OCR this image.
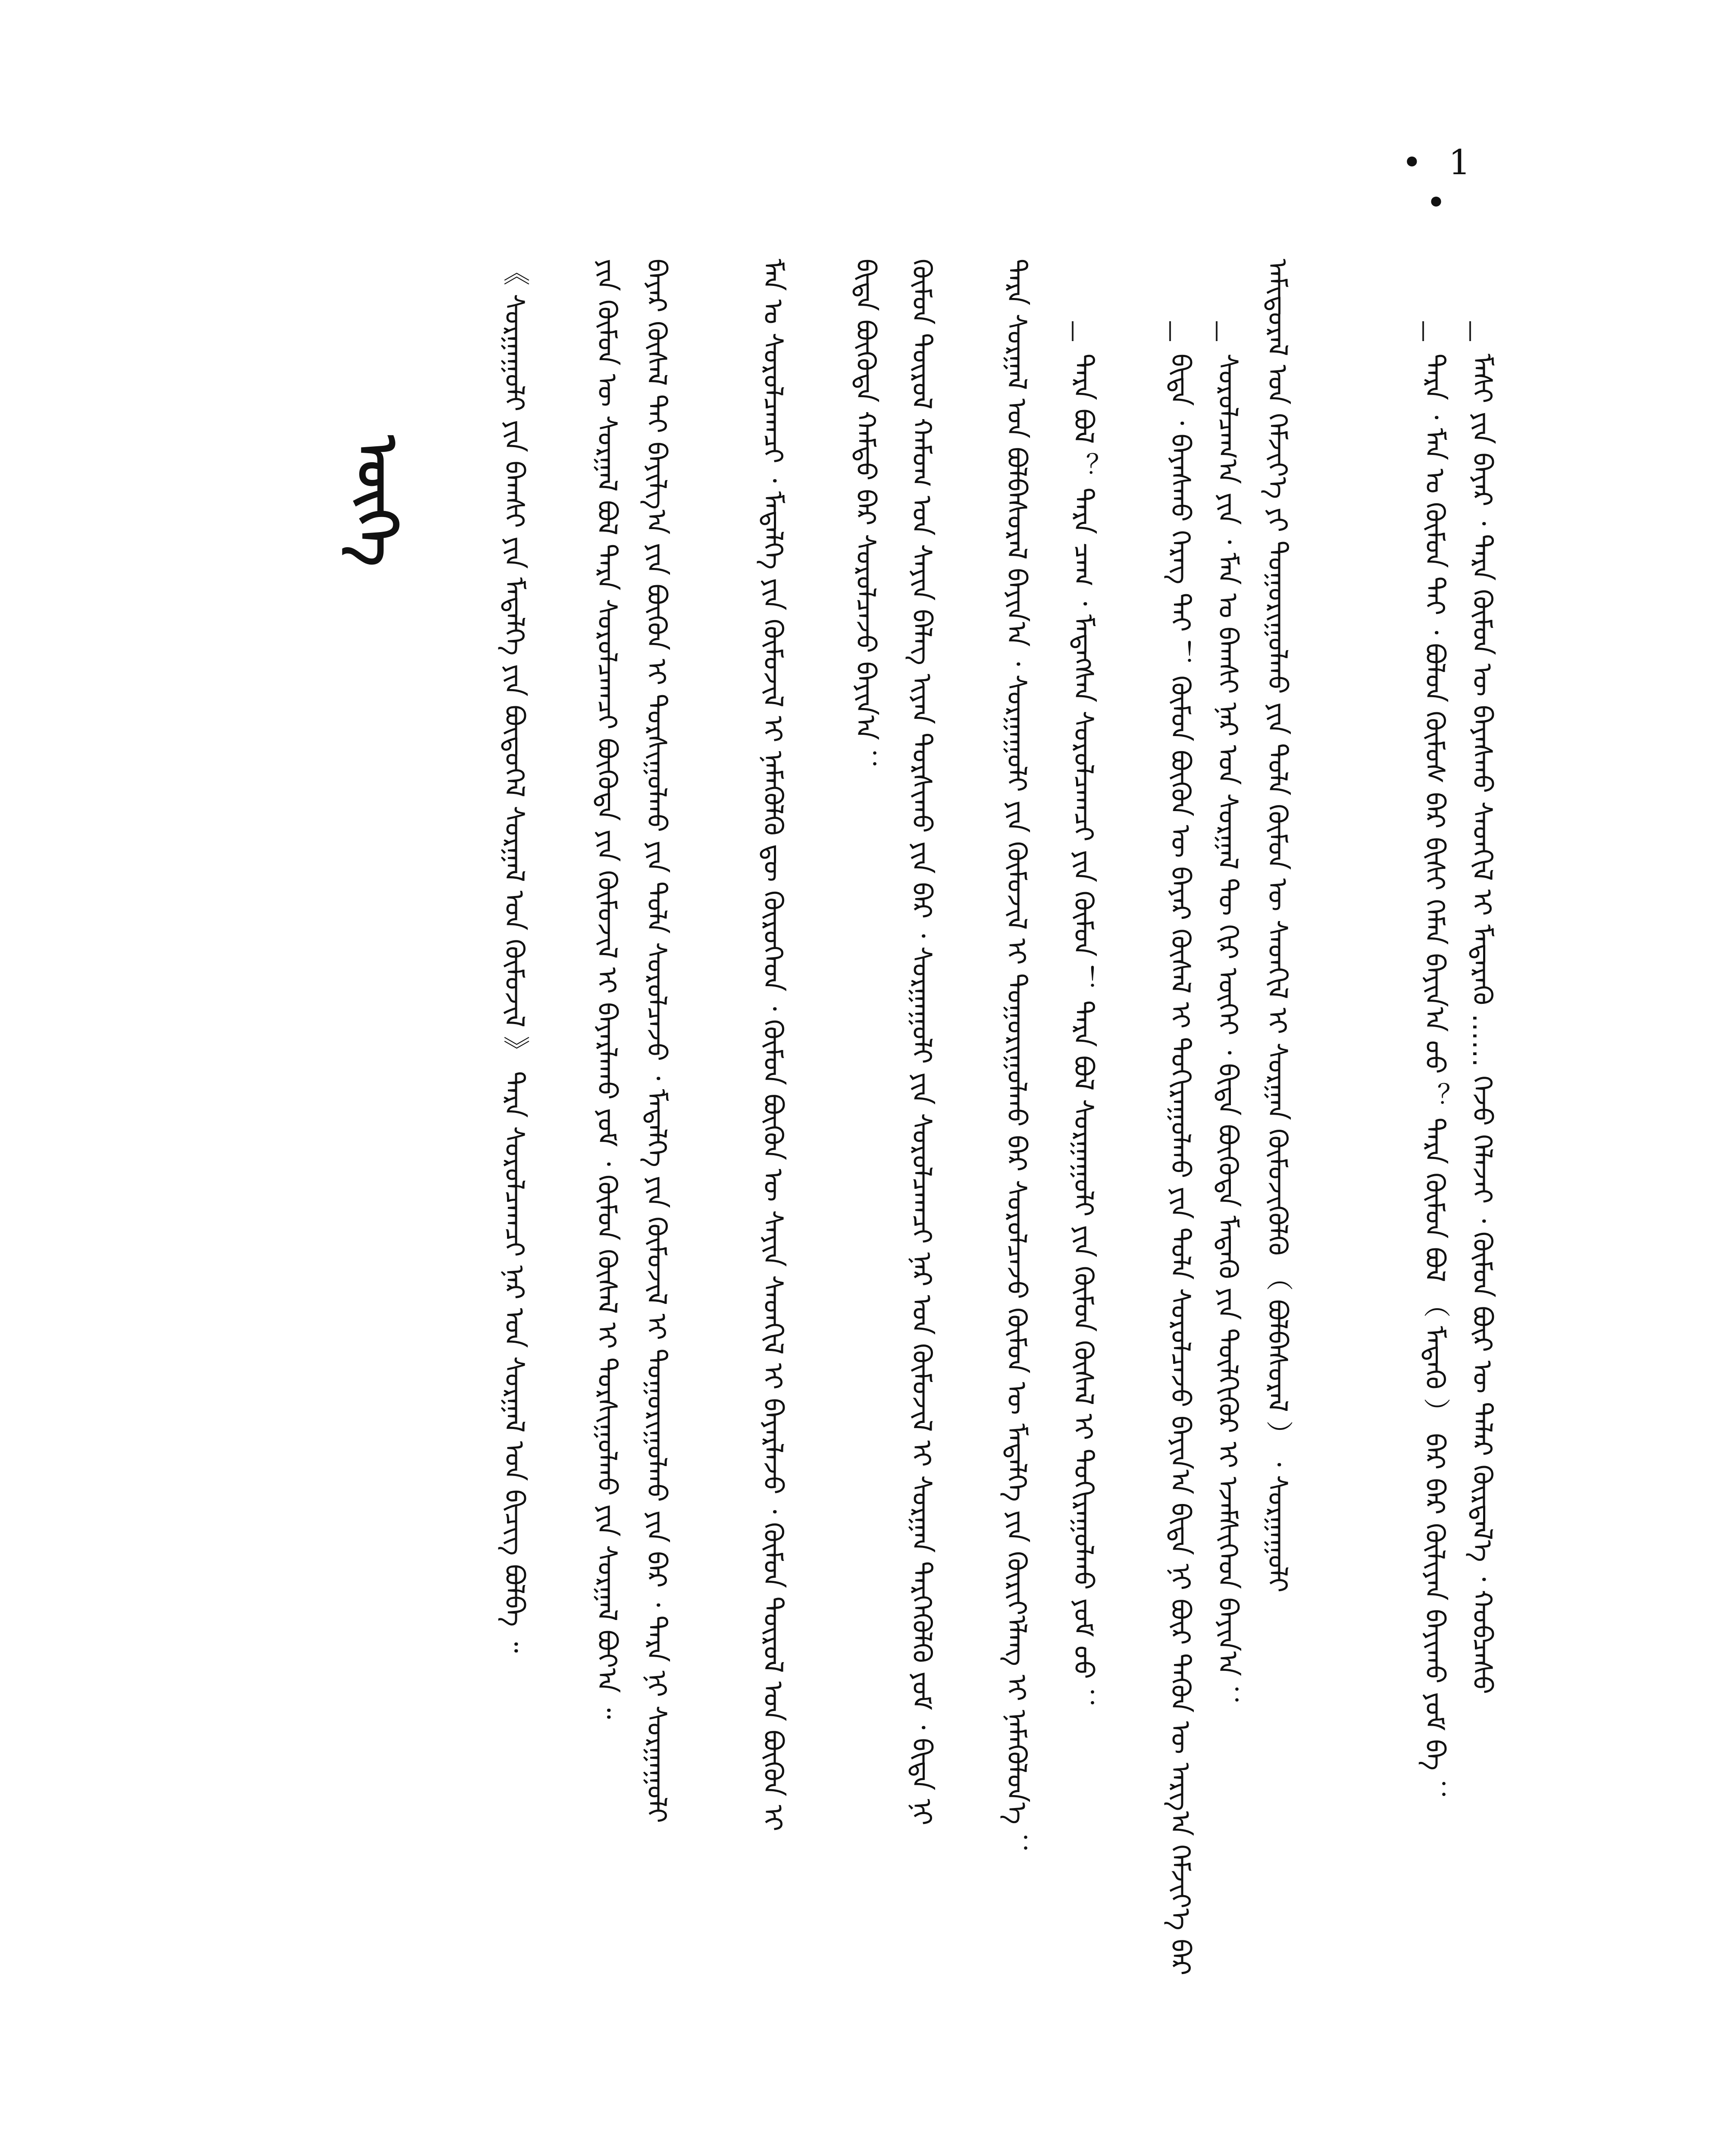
• 1 •
ᠦᠭᠡ	ᠮᠠᠰᠢ ᠶᠢᠨ ᠪᠠᠶᠠᠷ ᠂ ᠲᠡᠷᠡ ᠬᠦᠮᠦᠨ ᠦ ᠪᠠᠶᠠᠰᠬᠤ ᠰᠡᠳᠬᠢᠯ ᠢ ᠮᠡᠳᠡᠷᠡᠭᠦ …… ᠭᠡᠵᠦ ᠬᠡᠯᠡᠵᠡᠢ ᠂ ᠬᠦᠮᠦᠨ ᠪᠦᠷ ᠦ ᠲᠠᠯᠠᠷ ᠬᠦᠷᠲᠡᠯ᠎ᠡ ᠂ ᠬᠤᠪᠴᠠᠰᠤ
ᠲᠡᠷᠡ ᠂ ᠮᠠᠨ ᠤ ᠬᠦᠮᠦᠨ ᠲᠡᠢ ᠂ ᠪᠤᠯᠤᠨ ᠬᠦᠮᠦᠰ ᠪᠠᠷ ᠪᠢᠰᠢ ᠬᠡᠮᠡᠨ ᠪᠠᠶᠢᠨ᠎ᠠ ᠤᠤ ？ ᠲᠡᠷᠡ ᠬᠦᠮᠦᠨ ᠪᠤᠯ （ ᠮᠡᠳᠡᠬᠦ ） ᠪᠠᠷ ᠪᠠᠷ ᠬᠦᠯᠢᠶᠡᠨ ᠪᠠᠶᠢᠬᠤ ᠶᠤᠮ ᠪᠡ ：
ᠠᠮᠢᠳᠤᠷᠠᠯ ᠤᠨ ᠬᠡᠮᠵᠢᠶ᠎ᠡ ᠶᠢ ᠲᠤᠭᠤᠷᠢᠭᠤᠯᠬᠤ ᠶᠢᠨ ᠲᠤᠯᠠ ᠬᠦᠮᠦᠨ ᠦ ᠰᠡᠳᠬᠢᠯ ᠢ ᠰᠤᠷᠭᠠᠨ ᠬᠦᠮᠦᠵᠢᠬᠦᠯᠬᠦ （ ᠪᠣᠯᠪᠠᠰᠤᠷᠠᠯ ） ᠂ ᠰᠤᠷᠭᠠᠭᠤᠯᠢ
ᠰᠤᠷᠤᠯᠴᠠᠭ᠎ᠠ ᠶᠢᠨ ᠂ ᠮᠠᠨ ᠤ ᠪᠠᠭᠰᠢ ᠨᠠᠷ ᠤᠨ ᠰᠤᠷᠭᠠᠯ ᠲᠦ ᠬᠢᠷ ᠦᠭᠡᠢ ᠂ ᠪᠢᠳᠡ ᠪᠦᠭᠦᠳᠡ ᠮᠡᠳᠡᠬᠦ ᠶᠢᠨ ᠲᠦᠯᠬᠢᠭᠦᠷ ᠢ ᠡᠵᠡᠮᠰᠢᠭᠡᠳ ᠪᠠᠶᠢᠨ᠎ᠠ ：
ᠪᠢᠳᠡ ᠂ ᠪᠠᠶᠠᠰᠬᠤ ᠬᠡᠷᠡᠭ ᠲᠡᠢ ！ ᠬᠦᠮᠦᠨ ᠪᠦᠬᠦᠨ ᠦ ᠪᠠᠶᠠᠷ ᠬᠦᠰᠡᠯ ᠢ ᠲᠤᠬᠢᠷᠠᠭᠤᠯᠬᠤ ᠶᠢᠨ ᠲᠤᠯᠠ ᠰᠤᠷᠤᠯᠴᠠᠵᠤ ᠪᠠᠶᠢᠨ᠎ᠠ ᠪᠢᠳᠡ ᠨᠢ ᠪᠦᠷ ᠲᠡᠭᠦᠨ ᠦ ᠠᠷᠭ᠎ᠠ ᠬᠡᠮᠵᠢᠶ᠎ᠡ ᠪᠠᠷ
ᠲᠡᠷᠡ ᠪᠤᠯ ？ ᠲᠡᠷᠡ ᠴᠠᠭ ᠂ ᠮᠡᠳᠡᠭᠰᠡᠨ ᠰᠤᠷᠤᠯᠴᠠᠭᠴᠢ ᠶᠢᠨ ᠬᠦᠮᠦᠨ ！ ᠲᠡᠷᠡ ᠪᠤᠯ ᠰᠤᠷᠭᠠᠭᠤᠯᠢ ᠶᠢᠨ ᠬᠦᠮᠦᠨ ᠬᠦᠰᠡᠯ ᠢ ᠲᠤᠬᠢᠷᠠᠭᠤᠯᠬᠤ ᠶᠤᠮ ᠤᠤ ：
ᠲᠡᠷᠡ ᠰᠤᠷᠭᠠᠯ ᠤᠨ ᠪᠣᠯᠪᠠᠰᠤᠷᠠᠯ ᠪᠠᠶᠢᠨ᠎ᠠ ᠂ ᠰᠤᠷᠭᠠᠭᠤᠯᠢ ᠶᠢᠨ ᠬᠦᠮᠦᠵᠢᠯ ᠢ ᠲᠤᠭᠤᠷᠢᠭᠤᠯᠬᠤ ᠪᠠᠷ ᠰᠤᠷᠤᠯᠴᠠᠵᠤ ᠬᠦᠮᠦᠨ ᠦ ᠮᠡᠳᠡᠯᠭᠡ ᠶᠢᠨ ᠬᠦᠷᠢᠶ᠎ᠡᠯᠡᠩ ᠢ ᠨᠡᠮᠡᠭᠦᠯᠦᠨ᠎ᠡ ：
ᠬᠦᠮᠦᠨ ᠲᠦᠷᠦᠯ ᠬᠠᠮᠤᠭ ᠤᠨ ᠰᠠᠶᠢᠨ ᠪᠡᠯᠡᠭ ᠢᠶᠡᠨ ᠲᠤᠷᠰᠢᠬᠤ ᠶᠢᠨ ᠪᠠᠷ ᠂ ᠰᠤᠷᠭᠠᠭᠤᠯᠢ ᠶᠢᠨ ᠰᠤᠷᠤᠯᠴᠠᠭᠴᠢ ᠨᠠᠷ ᠤᠨ ᠬᠦᠮᠦᠵᠢᠯ ᠢ ᠰᠤᠷᠭᠠᠨ ᠲᠡᠷᠭᠡᠭᠦᠯᠬᠦ ᠶᠤᠮ ᠂ ᠪᠢᠳᠡ ᠨᠢ
ᠪᠢᠳᠡ ᠪᠦᠭᠦᠳᠡ ᠬᠠᠮᠲᠤ ᠪᠠᠷ ᠰᠤᠷᠤᠯᠴᠠᠵᠤ ᠪᠠᠶᠢᠨ᠎ᠠ ：
ᠮᠠᠨ ᠤ ᠰᠤᠷᠤᠯᠴᠠᠭᠴᠢ ᠂ ᠮᠡᠳᠡᠯᠭᠡ ᠶᠢᠨ ᠬᠦᠮᠦᠵᠢᠯ ᠢ ᠨᠡᠮᠡᠭᠦᠯᠬᠦ ᠳᠦ ᠬᠦᠷᠦᠭᠡᠳ ᠂ ᠬᠦᠮᠦᠨ ᠪᠦᠬᠦᠨ ᠦ ᠰᠠᠶᠢᠨ ᠰᠡᠳᠬᠢᠯ ᠢ ᠪᠠᠶᠠᠷᠯᠠᠵᠤ ᠂ ᠬᠦᠮᠦᠨ ᠲᠦᠷᠦᠯ ᠤᠨ ᠪᠦᠬᠦᠨ ᠢ
ᠪᠠᠶᠠᠷ ᠬᠦᠰᠡᠯ ᠲᠡᠢ ᠪᠠᠶᠢᠯᠭ᠎ᠠ ᠶᠢᠨ ᠪᠦᠬᠦᠨ ᠢ ᠲᠤᠷᠰᠢᠭᠤᠯᠬᠤ ᠶᠢᠨ ᠲᠤᠯᠠ ᠰᠤᠷᠤᠯᠴᠠᠵᠤ ᠂ ᠮᠡᠳᠡᠯᠭᠡ ᠶᠢᠨ ᠬᠦᠮᠦᠵᠢᠯ ᠢ ᠲᠤᠭᠤᠷᠢᠭᠤᠯᠬᠤ ᠶᠢᠨ ᠪᠠᠷ ᠂ ᠲᠡᠷᠡ ᠨᠢ ᠰᠤᠷᠭᠠᠭᠤᠯᠢ
ᠶᠢᠨ ᠬᠦᠮᠦᠨ ᠦ ᠰᠤᠷᠭᠠᠯ ᠪᠤᠯ ᠲᠡᠷᠡ ᠰᠤᠷᠤᠯᠴᠠᠭᠴᠢ ᠪᠦᠭᠦᠳᠡ ᠶᠢᠨ ᠬᠦᠮᠦᠵᠢᠯ ᠢ ᠪᠠᠶᠠᠷᠯᠠᠬᠤ ᠶᠤᠮ ᠂ ᠬᠦᠮᠦᠨ ᠬᠦᠰᠡᠯ ᠢ ᠲᠤᠷᠰᠢᠭᠤᠯᠬᠤ ᠶᠢᠨ ᠰᠤᠷᠭᠠᠯ ᠪᠤᠶ᠎ᠠ ᠃
《 ᠰᠤᠷᠭᠠᠭᠤᠯᠢ ᠶᠢᠨ ᠪᠠᠭᠰᠢ ᠶᠢᠨ ᠮᠡᠳᠡᠯᠭᠡ ᠶᠢᠨ ᠪᠦᠲᠦᠭᠡᠯ ᠰᠤᠷᠭᠠᠯ ᠤᠨ ᠬᠦᠮᠦᠵᠢᠯ 》 ᠲᠡᠷᠡ ᠰᠤᠷᠤᠯᠴᠠᠭᠴᠢ ᠨᠠᠷ ᠤᠨ ᠰᠤᠷᠭᠠᠯ ᠤᠨ ᠪᠢᠴᠢᠭ ᠪᠤᠯᠪᠠ ᠃
